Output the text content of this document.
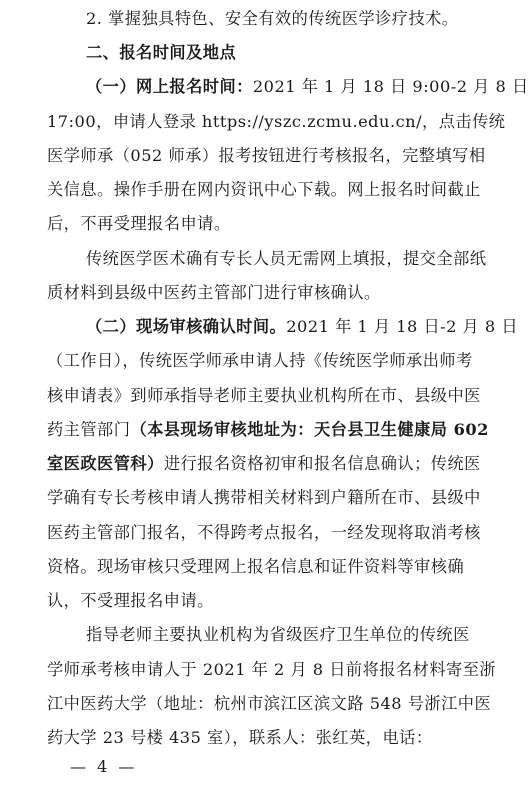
2. 掌握独具特色、安全有效的传统医学诊疗技术。
二、报名时间及地点
（一）网上报名时间：2021 年 1 月 18 日 9:00-2 月 8 日
17:00，申请人登录 https://yszc.zcmu.edu.cn/，点击传统
医学师承（052 师承）报考按钮进行考核报名，完整填写相
关信息。操作手册在网内资讯中心下载。网上报名时间截止
后，不再受理报名申请。
传统医学医术确有专长人员无需网上填报，提交全部纸
质材料到县级中医药主管部门进行审核确认。
（二）现场审核确认时间。2021 年 1 月 18 日-2 月 8 日
（工作日），传统医学师承申请人持《传统医学师承出师考
核申请表》到师承指导老师主要执业机构所在市、县级中医
药主管部门（本县现场审核地址为：天台县卫生健康局 602
室医政医管科）进行报名资格初审和报名信息确认；传统医
学确有专长考核申请人携带相关材料到户籍所在市、县级中
医药主管部门报名，不得跨考点报名，一经发现将取消考核
资格。现场审核只受理网上报名信息和证件资料等审核确
认，不受理报名申请。
指导老师主要执业机构为省级医疗卫生单位的传统医
学师承考核申请人于 2021 年 2 月 8 日前将报名材料寄至浙
江中医药大学（地址：杭州市滨江区滨文路 548 号浙江中医
— 4 —
药大学 23 号楼 435 室），联系人：张红英，电话：
